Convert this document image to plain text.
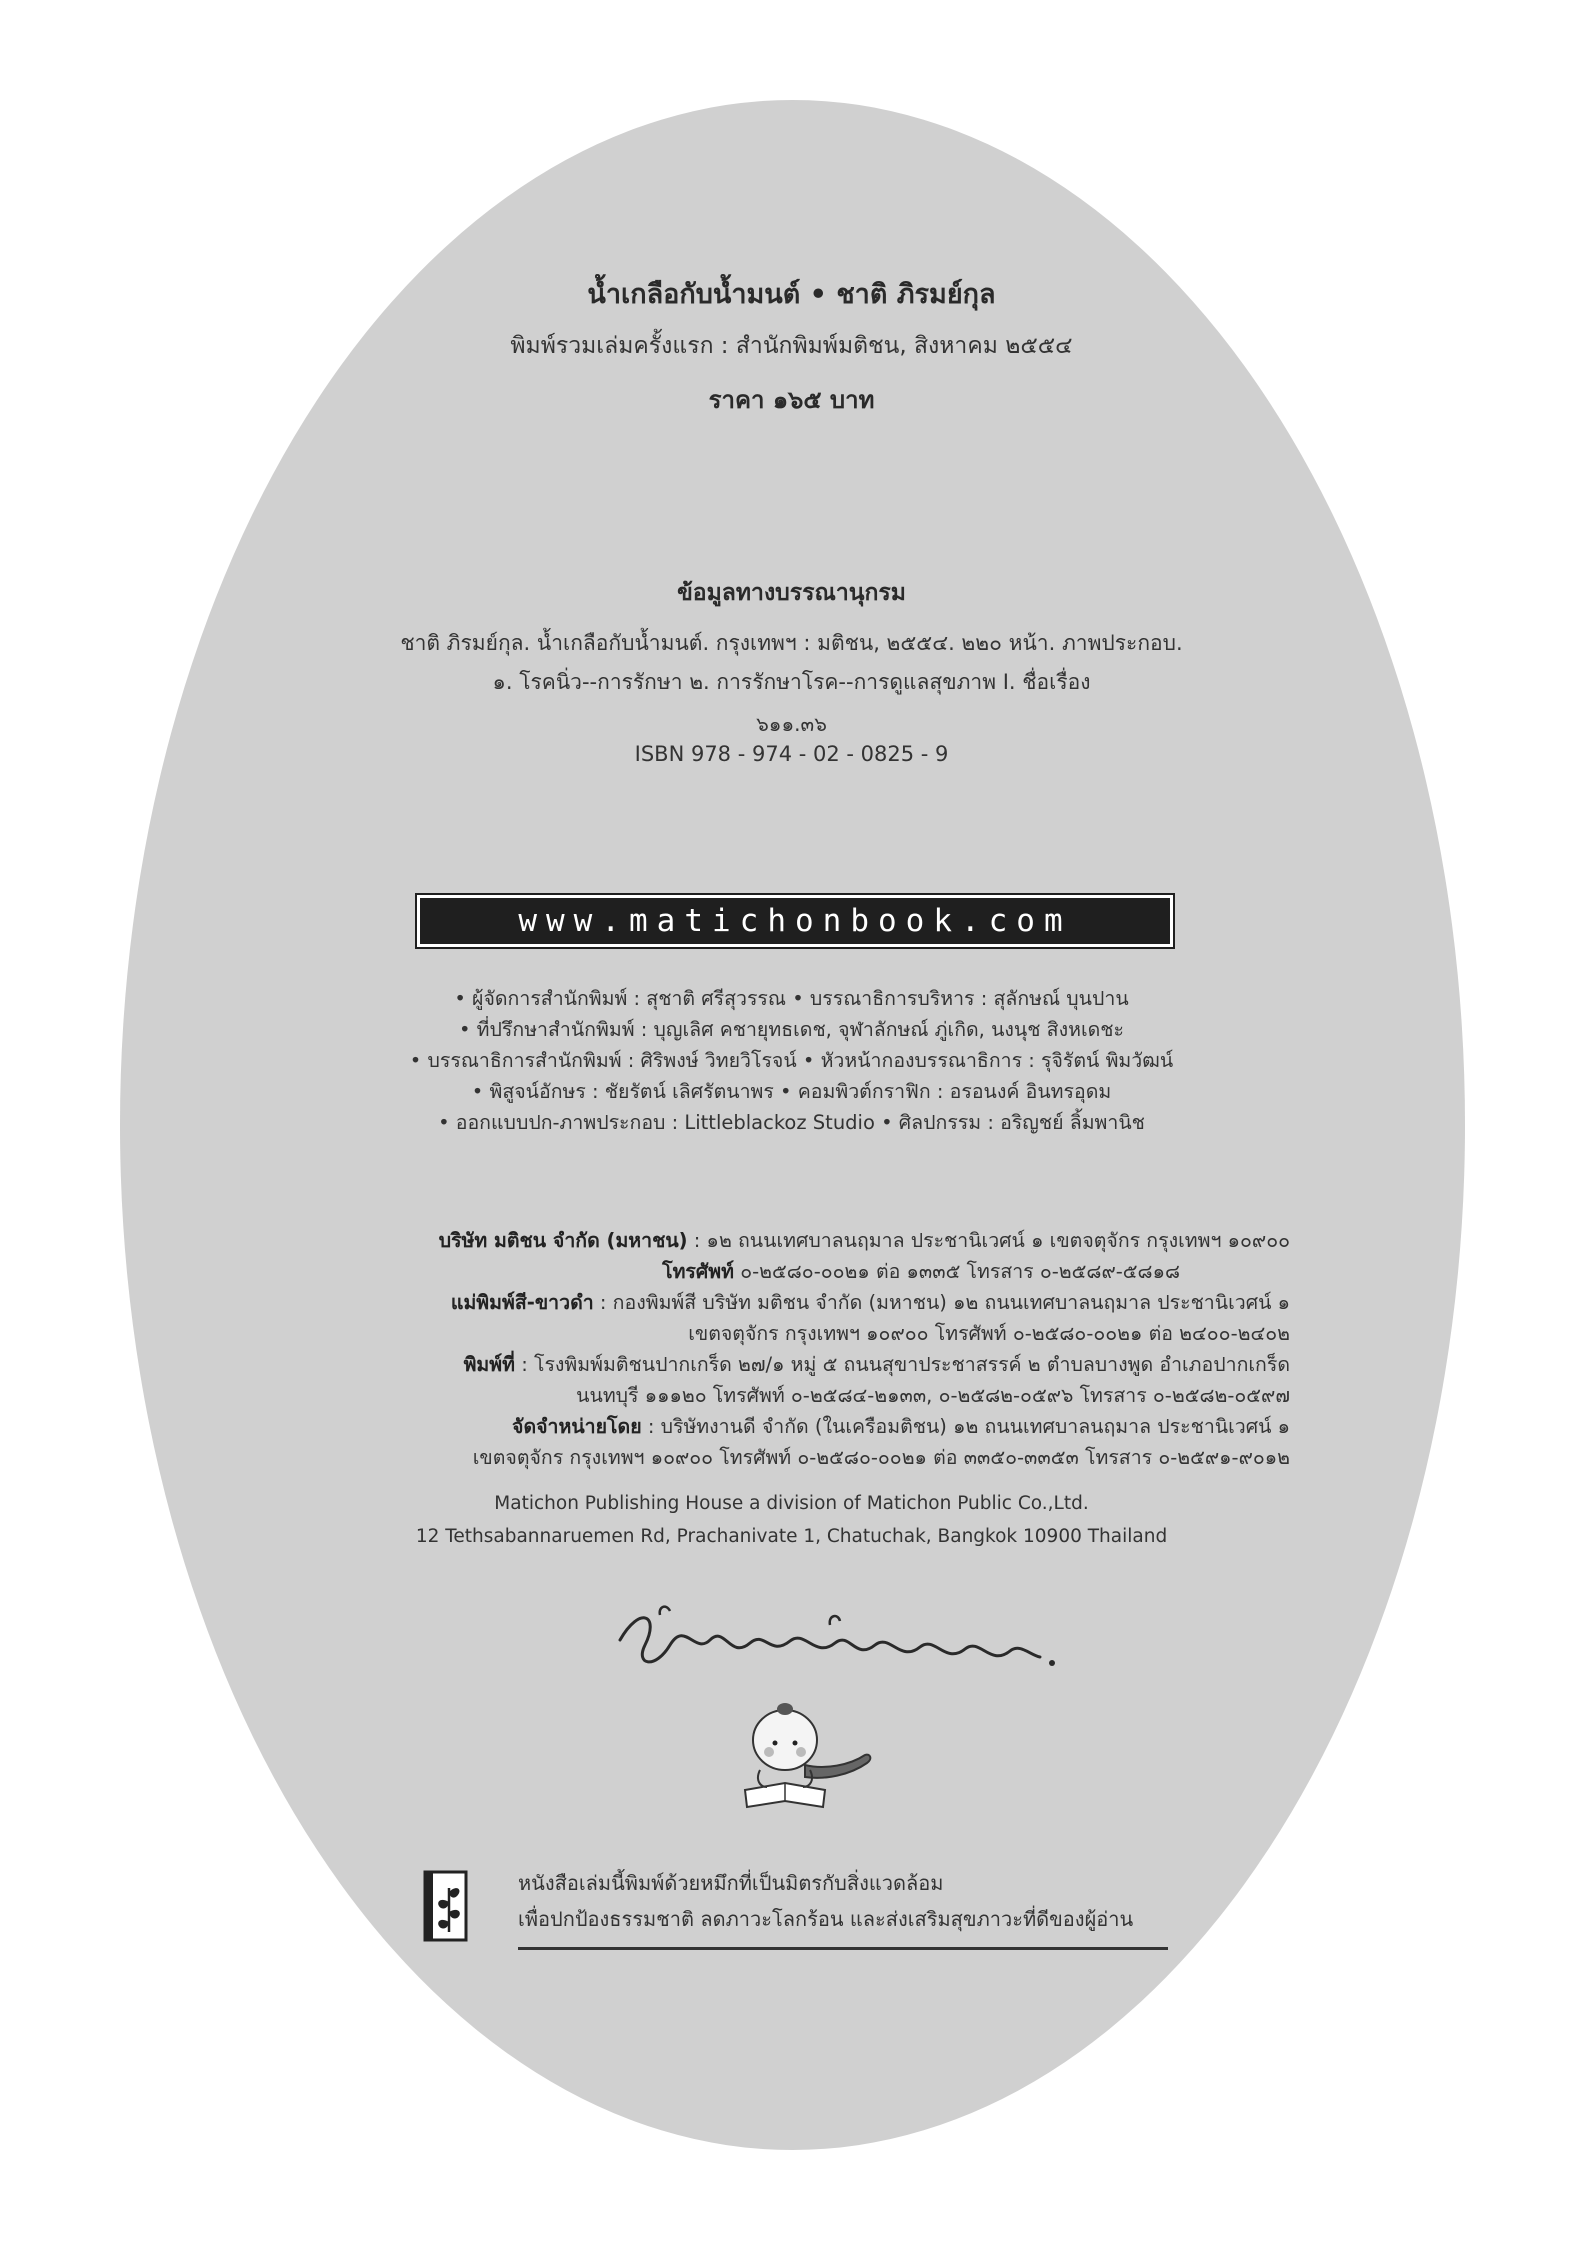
น้ำเกลือกับน้ำมนต์ • ชาติ ภิรมย์กุล
พิมพ์รวมเล่มครั้งแรก : สำนักพิมพ์มติชน, สิงหาคม ๒๕๕๔
ราคา ๑๖๕ บาท
ข้อมูลทางบรรณานุกรม
ชาติ ภิรมย์กุล. น้ำเกลือกับน้ำมนต์. กรุงเทพฯ : มติชน, ๒๕๕๔. ๒๒๐ หน้า. ภาพประกอบ.
๑. โรคนิ่ว--การรักษา ๒. การรักษาโรค--การดูแลสุขภาพ I. ชื่อเรื่อง
๖๑๑.๓๖
ISBN 978 - 974 - 02 - 0825 - 9
www.matichonbook.com
• ผู้จัดการสำนักพิมพ์ : สุชาติ ศรีสุวรรณ • บรรณาธิการบริหาร : สุลักษณ์ บุนปาน
• ที่ปรึกษาสำนักพิมพ์ : บุญเลิศ คชายุทธเดช, จุฬาลักษณ์ ภู่เกิด, นงนุช สิงหเดชะ
• บรรณาธิการสำนักพิมพ์ : ศิริพงษ์ วิทยวิโรจน์ • หัวหน้ากองบรรณาธิการ : รุจิรัตน์ พิมวัฒน์
• พิสูจน์อักษร : ชัยรัตน์ เลิศรัตนาพร • คอมพิวต์กราฟิก : อรอนงค์ อินทรอุดม
• ออกแบบปก-ภาพประกอบ : Littleblackoz Studio • ศิลปกรรม : อริญชย์ ลิ้มพานิช
บริษัท มติชน จำกัด (มหาชน) : ๑๒ ถนนเทศบาลนฤมาล ประชานิเวศน์ ๑ เขตจตุจักร กรุงเทพฯ ๑๐๙๐๐
โทรศัพท์ ๐-๒๕๘๐-๐๐๒๑ ต่อ ๑๓๓๕ โทรสาร ๐-๒๕๘๙-๕๘๑๘
แม่พิมพ์สี-ขาวดำ : กองพิมพ์สี บริษัท มติชน จำกัด (มหาชน) ๑๒ ถนนเทศบาลนฤมาล ประชานิเวศน์ ๑
เขตจตุจักร กรุงเทพฯ ๑๐๙๐๐ โทรศัพท์ ๐-๒๕๘๐-๐๐๒๑ ต่อ ๒๔๐๐-๒๔๐๒
พิมพ์ที่ : โรงพิมพ์มติชนปากเกร็ด ๒๗/๑ หมู่ ๕ ถนนสุขาประชาสรรค์ ๒ ตำบลบางพูด อำเภอปากเกร็ด
นนทบุรี ๑๑๑๒๐ โทรศัพท์ ๐-๒๕๘๔-๒๑๓๓, ๐-๒๕๘๒-๐๕๙๖ โทรสาร ๐-๒๕๘๒-๐๕๙๗
จัดจำหน่ายโดย : บริษัทงานดี จำกัด (ในเครือมติชน) ๑๒ ถนนเทศบาลนฤมาล ประชานิเวศน์ ๑
เขตจตุจักร กรุงเทพฯ ๑๐๙๐๐ โทรศัพท์ ๐-๒๕๘๐-๐๐๒๑ ต่อ ๓๓๕๐-๓๓๕๓ โทรสาร ๐-๒๕๙๑-๙๐๑๒
Matichon Publishing House a division of Matichon Public Co.,Ltd.
12 Tethsabannaruemen Rd, Prachanivate 1, Chatuchak, Bangkok 10900 Thailand
หนังสือเล่มนี้พิมพ์ด้วยหมึกที่เป็นมิตรกับสิ่งแวดล้อม
เพื่อปกป้องธรรมชาติ ลดภาวะโลกร้อน และส่งเสริมสุขภาวะที่ดีของผู้อ่าน
